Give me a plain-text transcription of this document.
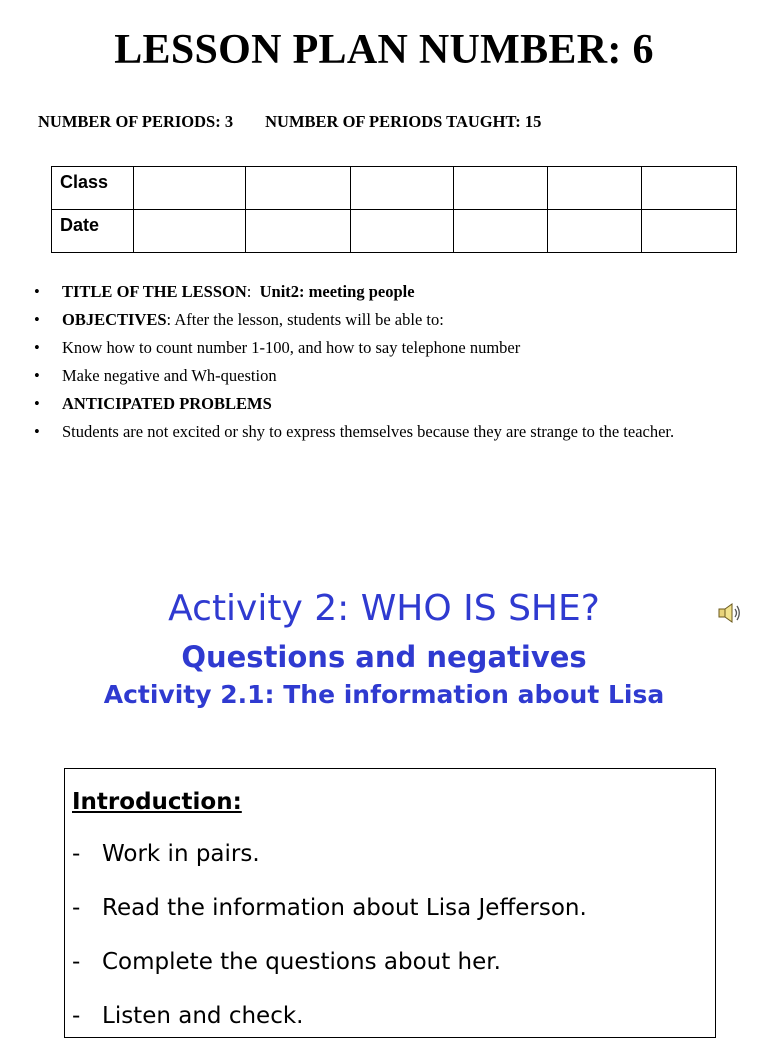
LESSON PLAN NUMBER: 6
NUMBER OF PERIODS: 3 NUMBER OF PERIODS TAUGHT: 15
Class						
Date						
• TITLE OF THE LESSON:  Unit2: meeting people
• OBJECTIVES: After the lesson, students will be able to:
• Know how to count number 1-100, and how to say telephone number
• Make negative and Wh-question
• ANTICIPATED PROBLEMS
• Students are not excited or shy to express themselves because they are strange to the teacher.
Activity 2: WHO IS SHE?
Questions and negatives
Activity 2.1: The information about Lisa
Introduction:
- Work in pairs.
- Read the information about Lisa Jefferson.
- Complete the questions about her.
- Listen and check.
